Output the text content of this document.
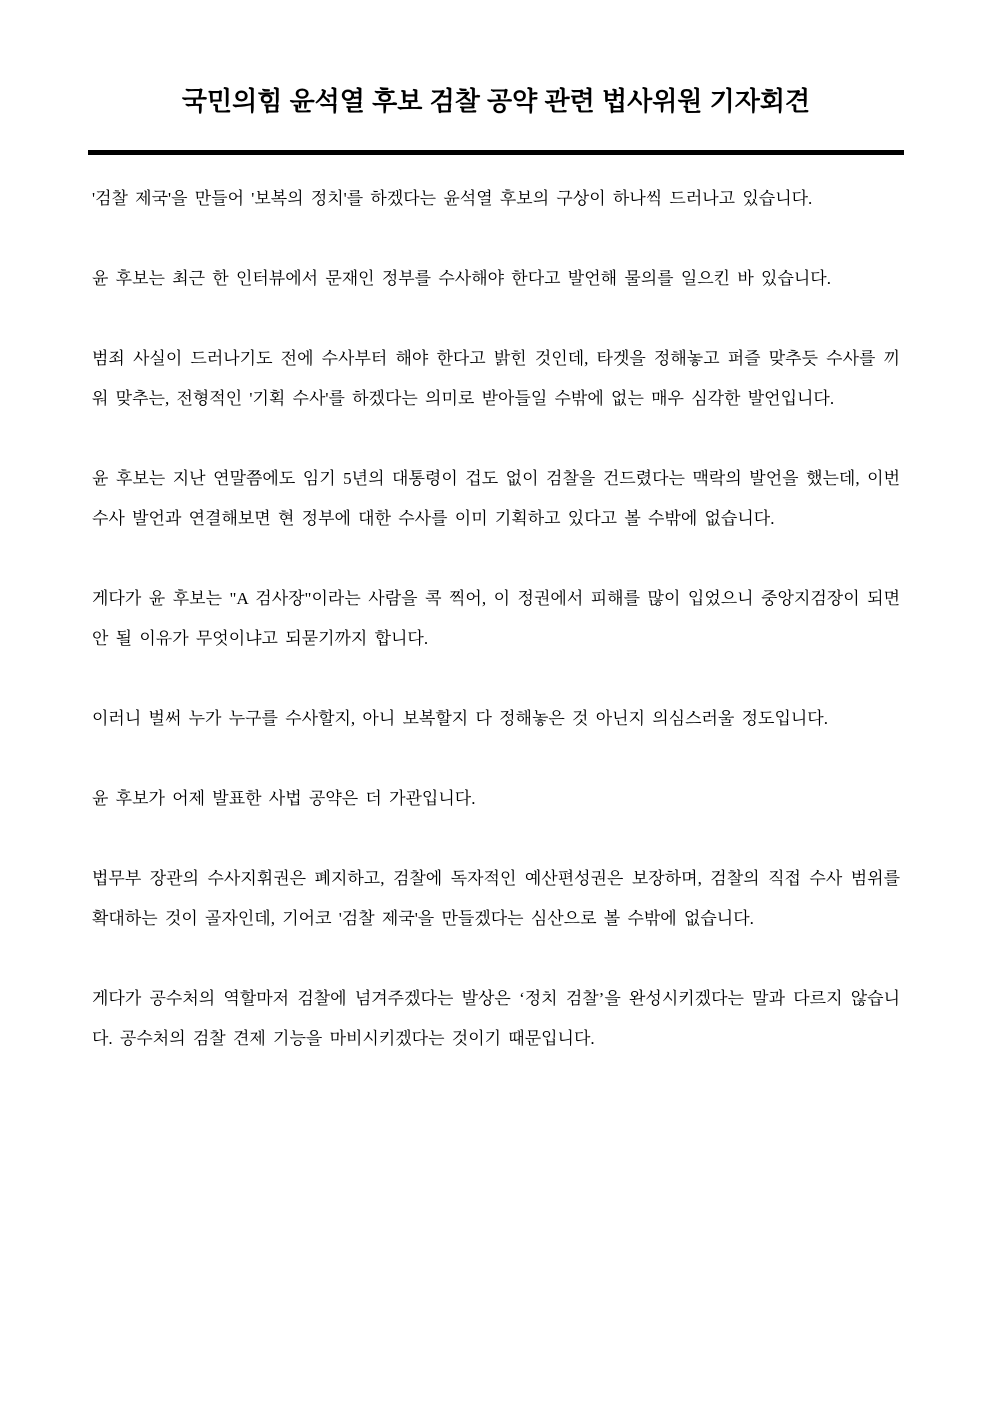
국민의힘 윤석열 후보 검찰 공약 관련 법사위원 기자회견

'검찰 제국'을 만들어 '보복의 정치'를 하겠다는 윤석열 후보의 구상이 하나씩 드러나고 있습니다.

윤 후보는 최근 한 인터뷰에서 문재인 정부를 수사해야 한다고 발언해 물의를 일으킨 바 있습니다.

범죄 사실이 드러나기도 전에 수사부터 해야 한다고 밝힌 것인데, 타겟을 정해놓고 퍼즐 맞추듯 수사를 끼워 맞추는, 전형적인 '기획 수사'를 하겠다는 의미로 받아들일 수밖에 없는 매우 심각한 발언입니다.

윤 후보는 지난 연말쯤에도 임기 5년의 대통령이 겁도 없이 검찰을 건드렸다는 맥락의 발언을 했는데, 이번 수사 발언과 연결해보면 현 정부에 대한 수사를 이미 기획하고 있다고 볼 수밖에 없습니다.

게다가 윤 후보는 "A 검사장"이라는 사람을 콕 찍어, 이 정권에서 피해를 많이 입었으니 중앙지검장이 되면 안 될 이유가 무엇이냐고 되묻기까지 합니다.

이러니 벌써 누가 누구를 수사할지, 아니 보복할지 다 정해놓은 것 아닌지 의심스러울 정도입니다.

윤 후보가 어제 발표한 사법 공약은 더 가관입니다.

법무부 장관의 수사지휘권은 폐지하고, 검찰에 독자적인 예산편성권은 보장하며, 검찰의 직접 수사 범위를 확대하는 것이 골자인데, 기어코 '검찰 제국'을 만들겠다는 심산으로 볼 수밖에 없습니다.

게다가 공수처의 역할마저 검찰에 넘겨주겠다는 발상은 ‘정치 검찰’을 완성시키겠다는 말과 다르지 않습니다. 공수처의 검찰 견제 기능을 마비시키겠다는 것이기 때문입니다.
